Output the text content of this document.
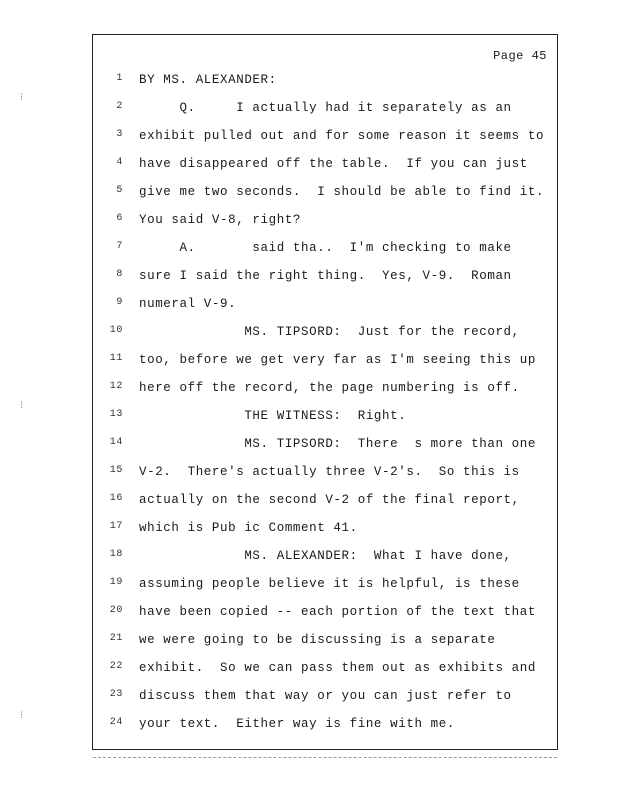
Page 45
1 BY MS. ALEXANDER:
2 Q.     I actually had it separately as an
3 exhibit pulled out and for some reason it seems to
4 have disappeared off the table.  If you can just
5 give me two seconds.  I should be able to find it.
6 You said V-8, right?
7 A.       said tha..  I'm checking to make
8 sure I said the right thing.  Yes, V-9.  Roman
9 numeral V-9.
10 MS. TIPSORD:  Just for the record,
11 too, before we get very far as I'm seeing this up
12 here off the record, the page numbering is off.
13 THE WITNESS:  Right.
14 MS. TIPSORD:  There  s more than one
15 V-2.  There's actually three V-2's.  So this is
16 actually on the second V-2 of the final report,
17 which is Pub ic Comment 41.
18 MS. ALEXANDER:  What I have done,
19 assuming people believe it is helpful, is these
20 have been copied -- each portion of the text that
21 we were going to be discussing is a separate
22 exhibit.  So we can pass them out as exhibits and
23 discuss them that way or you can just refer to
24 your text.  Either way is fine with me.
⁝
⁝
⁝
